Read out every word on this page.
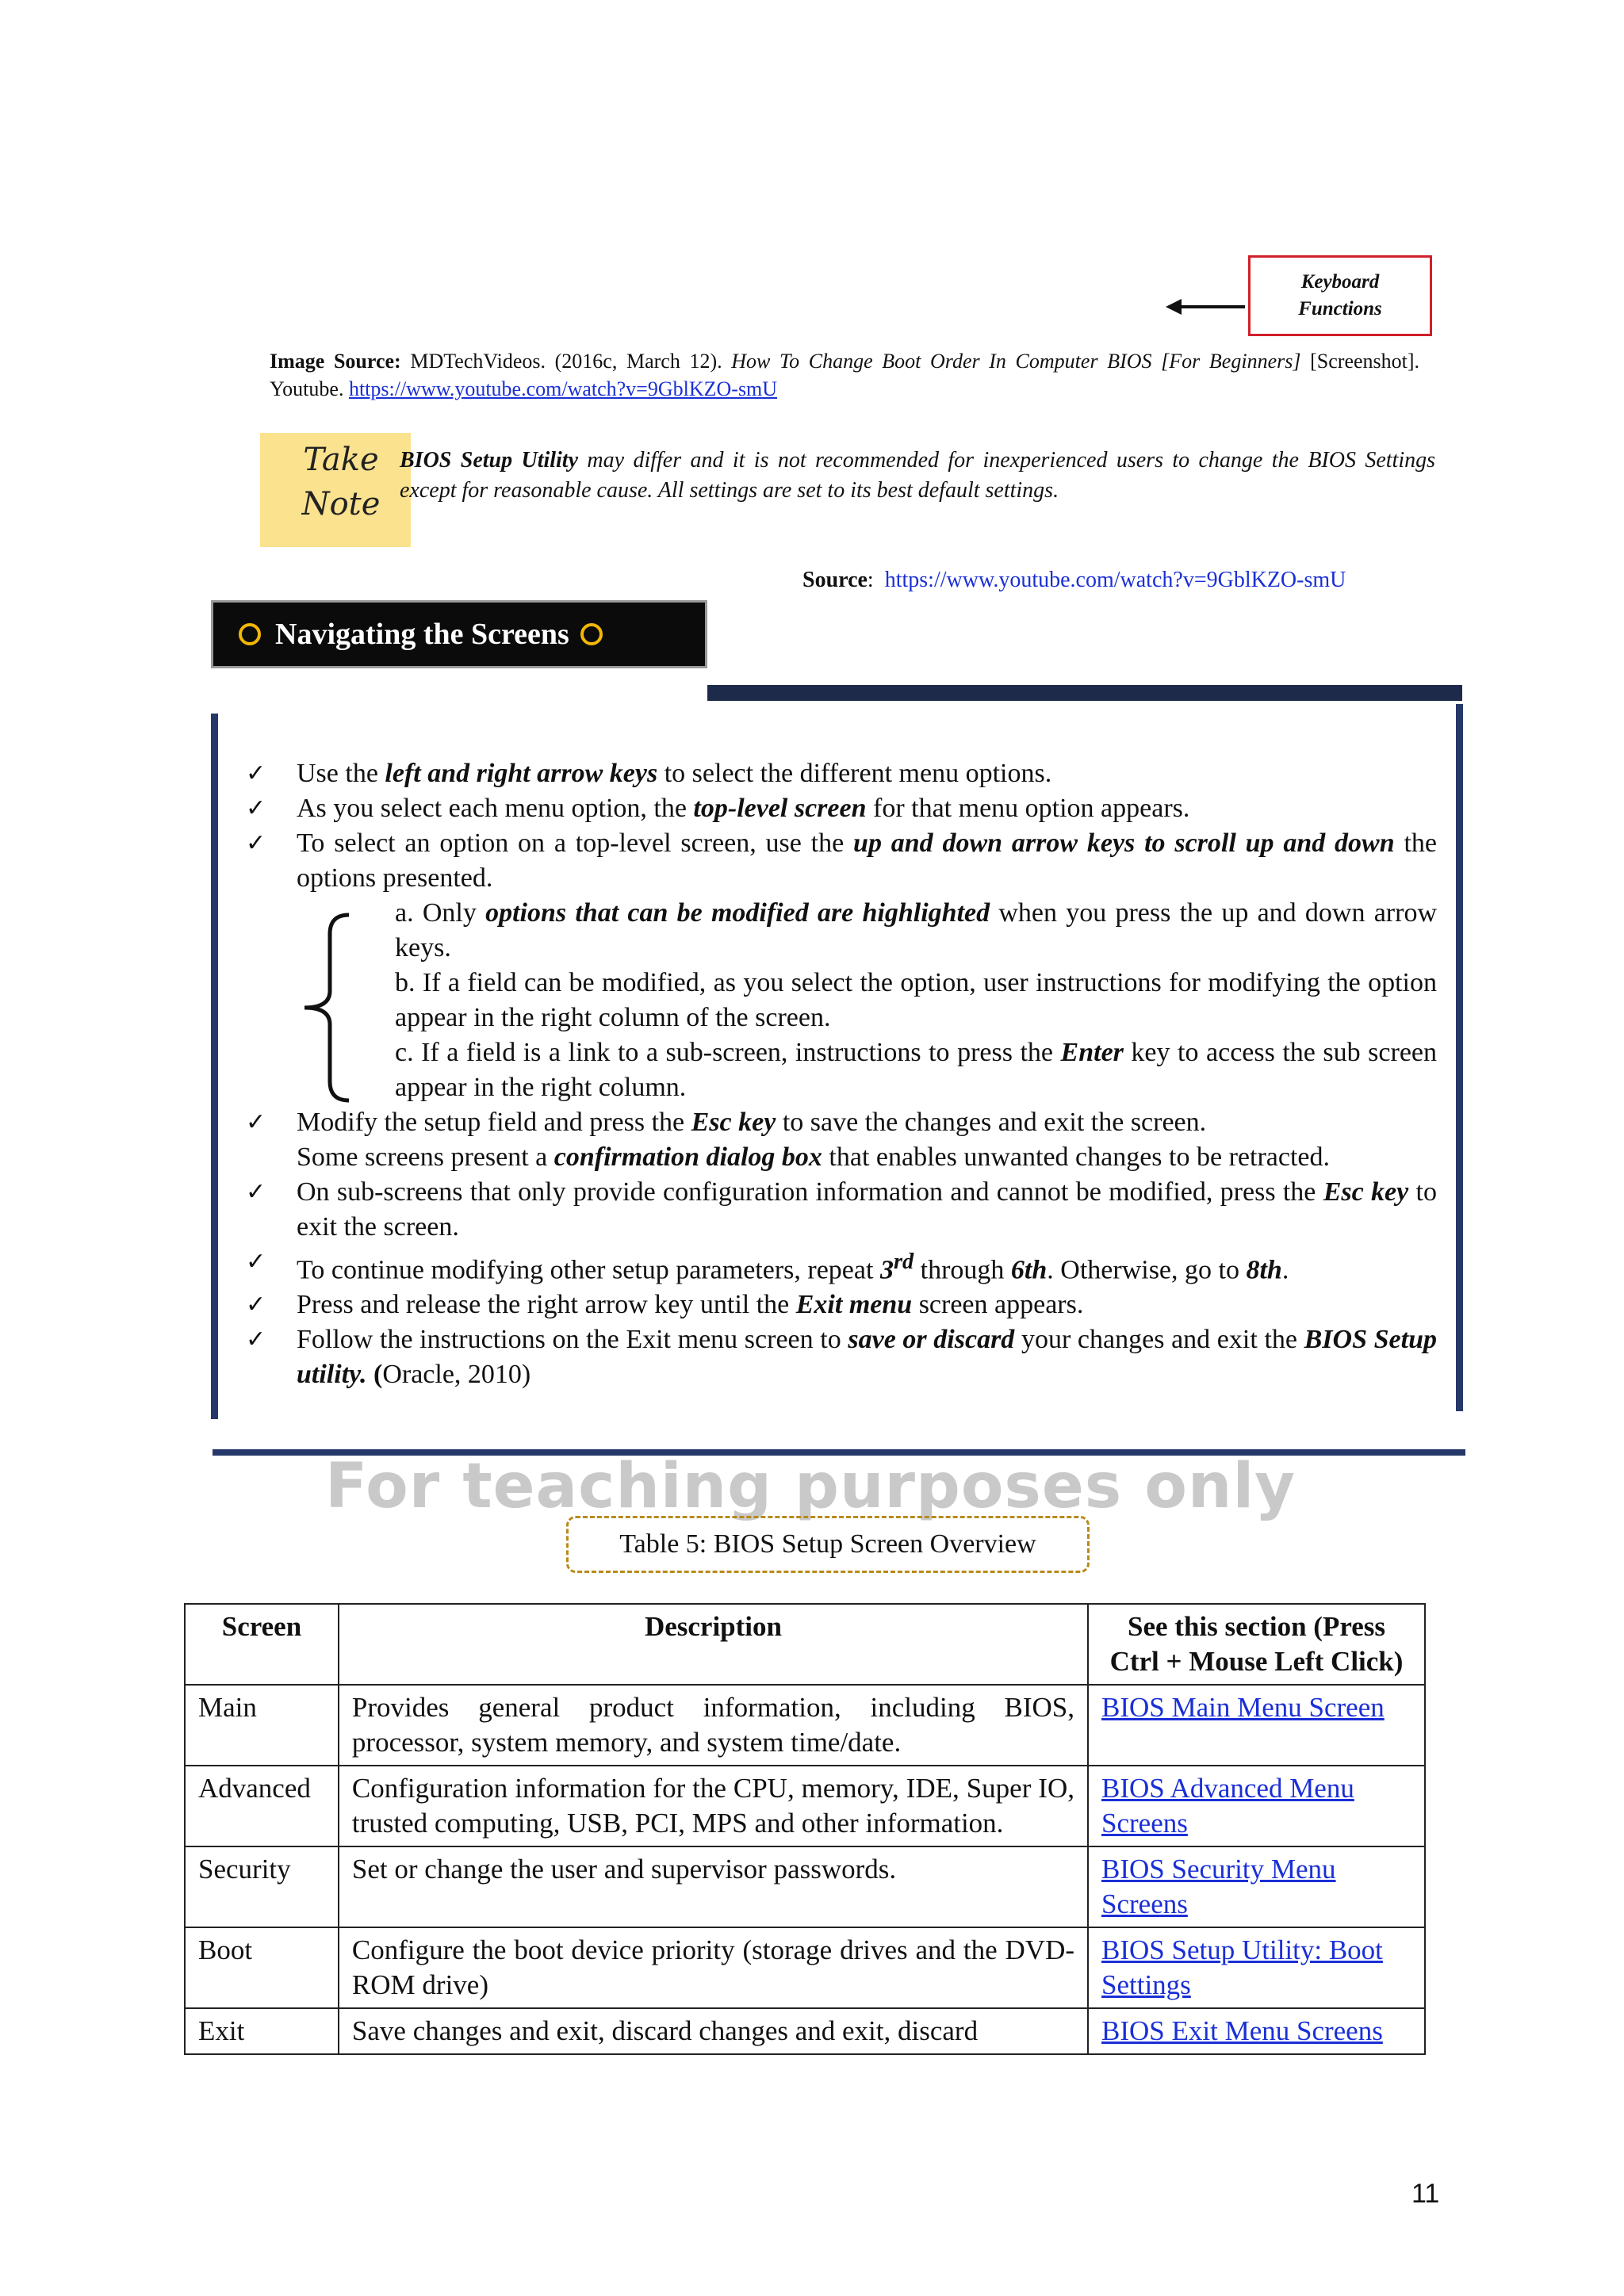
Keyboard
Functions
Image Source: MDTechVideos. (2016c, March 12). How To Change Boot Order In Computer BIOS [For Beginners] [Screenshot]. Youtube. https://www.youtube.com/watch?v=9GblKZO-smU
Take
Note
BIOS Setup Utility may differ and it is not recommended for inexperienced users to change the BIOS Settings except for reasonable cause. All settings are set to its best default settings.
Source:  https://www.youtube.com/watch?v=9GblKZO-smU
Navigating the Screens
✓ Use the left and right arrow keys to select the different menu options.
✓ As you select each menu option, the top-level screen for that menu option appears.
✓ To select an option on a top-level screen, use the up and down arrow keys to scroll up and down the options presented.
a. Only options that can be modified are highlighted when you press the up and down arrow keys.
b. If a field can be modified, as you select the option, user instructions for modifying the option appear in the right column of the screen.
c. If a field is a link to a sub-screen, instructions to press the Enter key to access the sub screen appear in the right column.
✓ Modify the setup field and press the Esc key to save the changes and exit the screen.
Some screens present a confirmation dialog box that enables unwanted changes to be retracted.
✓ On sub-screens that only provide configuration information and cannot be modified, press the Esc key to exit the screen.
✓ To continue modifying other setup parameters, repeat 3rd through 6th. Otherwise, go to 8th.
✓ Press and release the right arrow key until the Exit menu screen appears.
✓ Follow the instructions on the Exit menu screen to save or discard your changes and exit the BIOS Setup utility. (Oracle, 2010)
For teaching purposes only
Table 5: BIOS Setup Screen Overview
Screen	Description	See this section (Press Ctrl + Mouse Left Click)
Main	Provides general product information, including BIOS, processor, system memory, and system time/date.	BIOS Main Menu Screen
Advanced	Configuration information for the CPU, memory, IDE, Super IO, trusted computing, USB, PCI, MPS and other information.	BIOS Advanced Menu Screens
Security	Set or change the user and supervisor passwords.	BIOS Security Menu Screens
Boot	Configure the boot device priority (storage drives and the DVD-ROM drive)	BIOS Setup Utility: Boot Settings
Exit	Save changes and exit, discard changes and exit, discard	BIOS Exit Menu Screens
11
